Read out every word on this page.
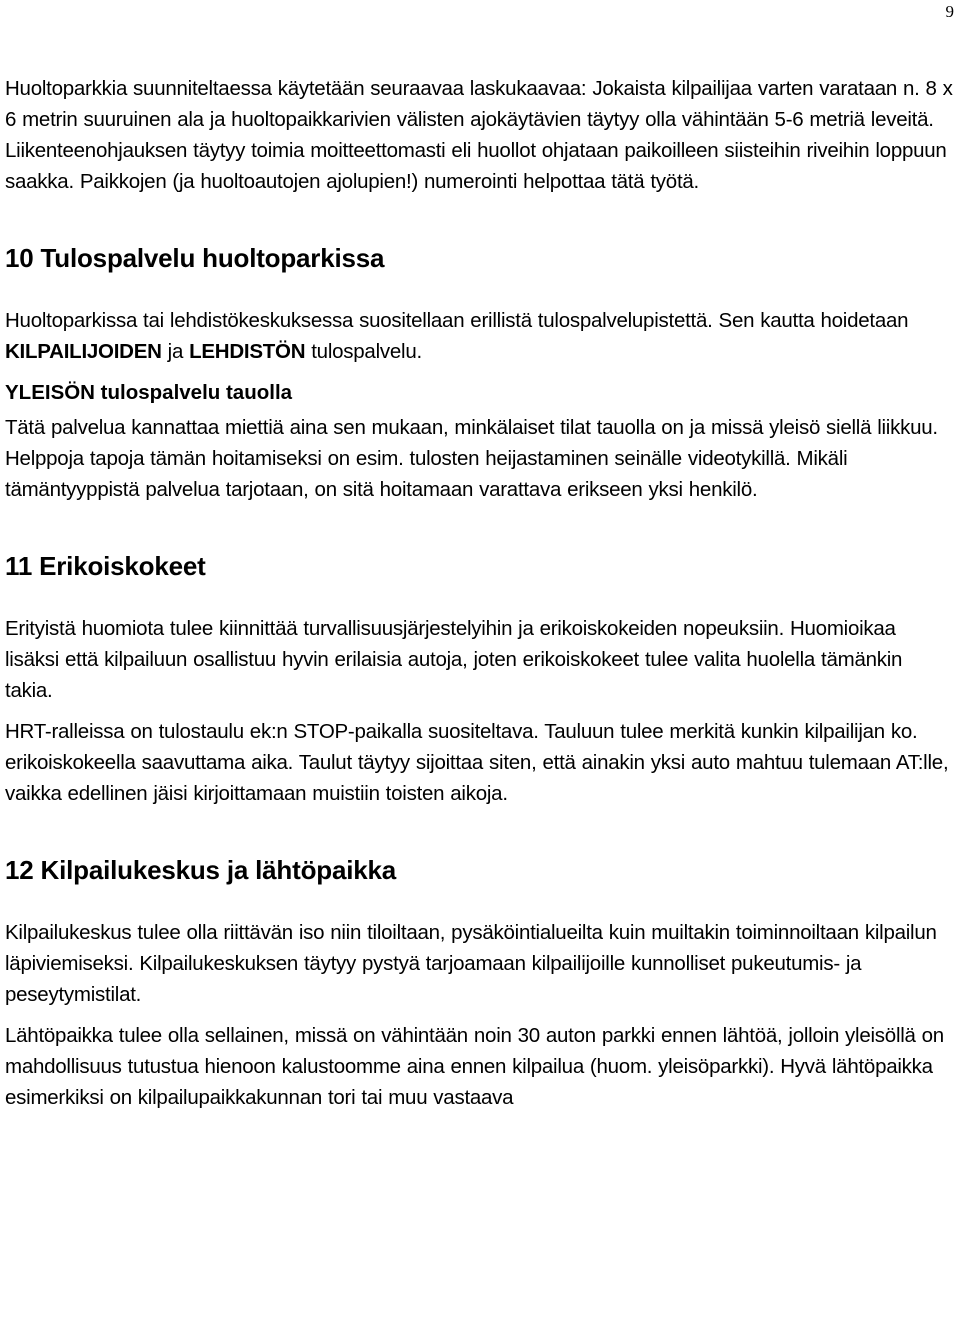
9

Huoltoparkkia suunniteltaessa käytetään seuraavaa laskukaavaa: Jokaista kilpailijaa varten varataan n. 8 x 6 metrin suuruinen ala ja huoltopaikkarivien välisten ajokäytävien täytyy olla vähintään 5-6 metriä leveitä.

Liikenteenohjauksen täytyy toimia moitteettomasti eli huollot ohjataan paikoilleen siisteihin riveihin loppuun saakka. Paikkojen (ja huoltoautojen ajolupien!) numerointi helpottaa tätä työtä.

10 Tulospalvelu huoltoparkissa

Huoltoparkissa tai lehdistökeskuksessa suositellaan erillistä tulospalvelupistettä. Sen kautta hoidetaan KILPAILIJOIDEN ja LEHDISTÖN tulospalvelu.

YLEISÖN tulospalvelu tauolla

Tätä palvelua kannattaa miettiä aina sen mukaan, minkälaiset tilat tauolla on ja missä yleisö siellä liikkuu. Helppoja tapoja tämän hoitamiseksi on esim. tulosten heijastaminen seinälle videotykillä. Mikäli tämäntyyppistä palvelua tarjotaan, on sitä hoitamaan varattava erikseen yksi henkilö.

11 Erikoiskokeet

Erityistä huomiota tulee kiinnittää turvallisuusjärjestelyihin ja erikoiskokeiden nopeuksiin. Huomioikaa lisäksi että kilpailuun osallistuu hyvin erilaisia autoja, joten erikoiskokeet tulee valita huolella tämänkin takia.

HRT-ralleissa on tulostaulu ek:n STOP-paikalla suositeltava. Tauluun tulee merkitä kunkin kilpailijan ko. erikoiskokeella saavuttama aika. Taulut täytyy sijoittaa siten, että ainakin yksi auto mahtuu tulemaan AT:lle, vaikka edellinen jäisi kirjoittamaan muistiin toisten aikoja.

12 Kilpailukeskus ja lähtöpaikka

Kilpailukeskus tulee olla riittävän iso niin tiloiltaan, pysäköintialueilta kuin muiltakin toiminnoiltaan kilpailun läpiviemiseksi. Kilpailukeskuksen täytyy pystyä tarjoamaan kilpailijoille kunnolliset pukeutumis- ja peseytymistilat.

Lähtöpaikka tulee olla sellainen, missä on vähintään noin 30 auton parkki ennen lähtöä, jolloin yleisöllä on mahdollisuus tutustua hienoon kalustoomme aina ennen kilpailua (huom. yleisöparkki). Hyvä lähtöpaikka esimerkiksi on kilpailupaikkakunnan tori tai muu vastaava
